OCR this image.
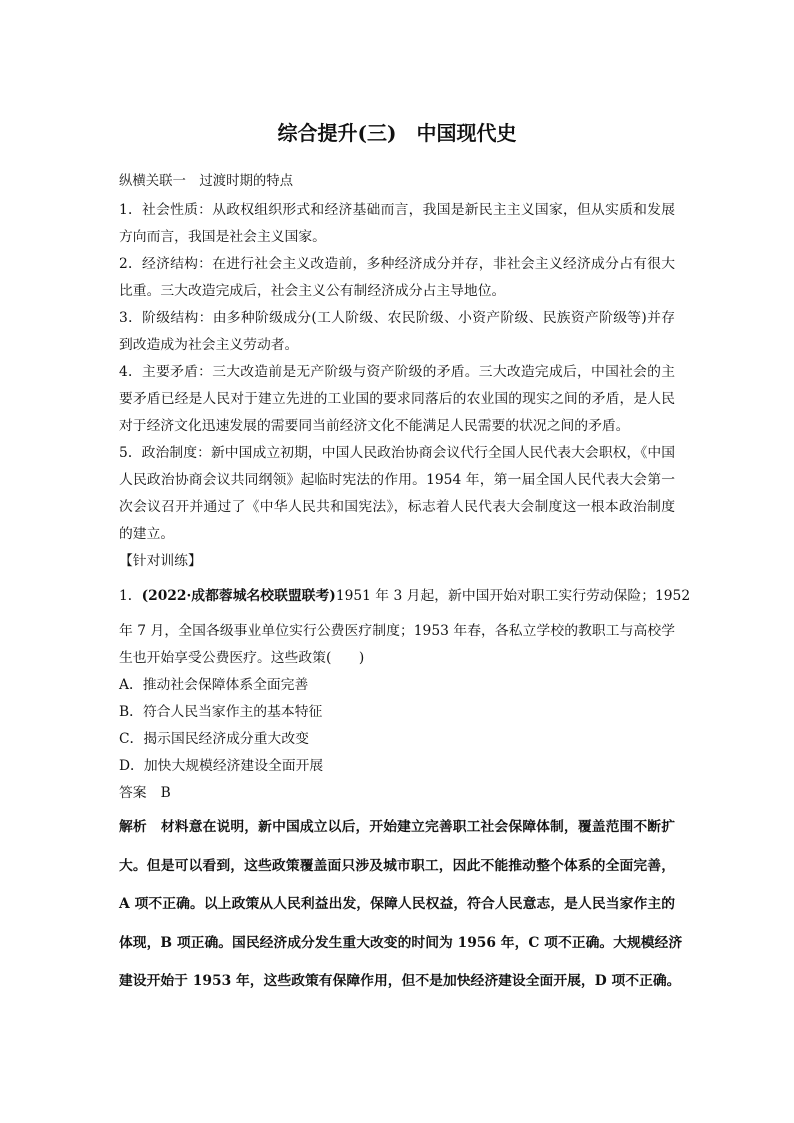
综合提升(三)　中国现代史
纵横关联一　过渡时期的特点
1．社会性质：从政权组织形式和经济基础而言，我国是新民主主义国家，但从实质和发展
方向而言，我国是社会主义国家。
2．经济结构：在进行社会主义改造前，多种经济成分并存，非社会主义经济成分占有很大
比重。三大改造完成后，社会主义公有制经济成分占主导地位。
3．阶级结构：由多种阶级成分(工人阶级、农民阶级、小资产阶级、民族资产阶级等)并存
到改造成为社会主义劳动者。
4．主要矛盾：三大改造前是无产阶级与资产阶级的矛盾。三大改造完成后，中国社会的主
要矛盾已经是人民对于建立先进的工业国的要求同落后的农业国的现实之间的矛盾，是人民
对于经济文化迅速发展的需要同当前经济文化不能满足人民需要的状况之间的矛盾。
5．政治制度：新中国成立初期，中国人民政治协商会议代行全国人民代表大会职权，《中国
人民政治协商会议共同纲领》起临时宪法的作用。1954 年，第一届全国人民代表大会第一
次会议召开并通过了《中华人民共和国宪法》，标志着人民代表大会制度这一根本政治制度
的建立。
【针对训练】
1．(2022·成都蓉城名校联盟联考)1951 年 3 月起，新中国开始对职工实行劳动保险；1952
年 7 月，全国各级事业单位实行公费医疗制度；1953 年春，各私立学校的教职工与高校学
生也开始享受公费医疗。这些政策(　　)
A．推动社会保障体系全面完善
B．符合人民当家作主的基本特征
C．揭示国民经济成分重大改变
D．加快大规模经济建设全面开展
答案 B
解析 材料意在说明，新中国成立以后，开始建立完善职工社会保障体制，覆盖范围不断扩
大。但是可以看到，这些政策覆盖面只涉及城市职工，因此不能推动整个体系的全面完善，
A 项不正确。以上政策从人民利益出发，保障人民权益，符合人民意志，是人民当家作主的
体现，B 项正确。国民经济成分发生重大改变的时间为 1956 年，C 项不正确。大规模经济
建设开始于 1953 年，这些政策有保障作用，但不是加快经济建设全面开展，D 项不正确。
